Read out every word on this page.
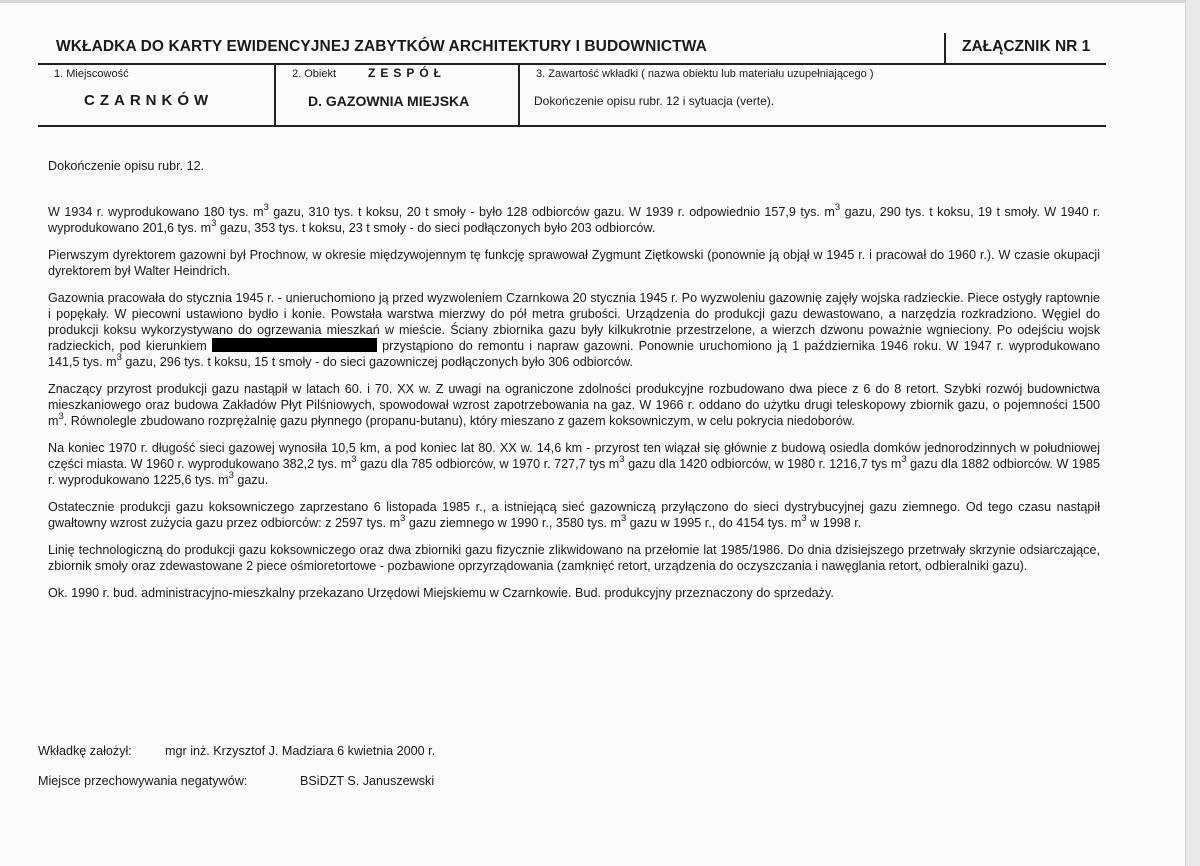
WKŁADKA DO KARTY EWIDENCYJNEJ ZABYTKÓW ARCHITEKTURY I BUDOWNICTWA	ZAŁĄCZNIK NR 1
1. Miejscowość
CZARNKÓW
2. Obiekt	ZESPÓŁ
D. GAZOWNIA MIEJSKA
3. Zawartość wkładki ( nazwa obiektu lub materiału uzupełniającego )
Dokończenie opisu rubr. 12 i sytuacja (verte).

Dokończenie opisu rubr. 12.

W 1934 r. wyprodukowano 180 tys. $m^3$ gazu, 310 tys. t koksu, 20 t smoły - było 128 odbiorców gazu. W 1939 r. odpowiednio 157,9 tys. $m^3$ gazu, 290 tys. t koksu, 19 t smoły. W 1940 r. wyprodukowano 201,6 tys. $m^3$ gazu, 353 tys. t koksu, 23 t smoły - do sieci podłączonych było 203 odbiorców.

Pierwszym dyrektorem gazowni był Prochnow, w okresie międzywojennym tę funkcję sprawował Zygmunt Ziętkowski (ponownie ją objął w 1945 r. i pracował do 1960 r.). W czasie okupacji dyrektorem był Walter Heindrich.

Gazownia pracowała do stycznia 1945 r. - unieruchomiono ją przed wyzwoleniem Czarnkowa 20 stycznia 1945 r. Po wyzwoleniu gazownię zajęły wojska radzieckie. Piece ostygły raptownie i popękały. W piecowni ustawiono bydło i konie. Powstała warstwa mierzwy do pół metra grubości. Urządzenia do produkcji gazu dewastowano, a narzędzia rozkradziono. Węgiel do produkcji koksu wykorzystywano do ogrzewania mieszkań w mieście. Ściany zbiornika gazu były kilkukrotnie przestrzelone, a wierzch dzwonu poważnie wgnieciony. Po odejściu wojsk radzieckich, pod kierunkiem	przystąpiono do remontu i napraw gazowni. Ponownie uruchomiono ją 1 października 1946 roku. W 1947 r. wyprodukowano 141,5 tys. $m^3$ gazu, 296 tys. t koksu, 15 t smoły - do sieci gazowniczej podłączonych było 306 odbiorców.

Znaczący przyrost produkcji gazu nastąpił w latach 60. i 70. XX w. Z uwagi na ograniczone zdolności produkcyjne rozbudowano dwa piece z 6 do 8 retort. Szybki rozwój budownictwa mieszkaniowego oraz budowa Zakładów Płyt Pilśniowych, spowodował wzrost zapotrzebowania na gaz. W 1966 r. oddano do użytku drugi teleskopowy zbiornik gazu, o pojemności 1500 $m^3$. Równolegle zbudowano rozprężalnię gazu płynnego (propanu-butanu), który mieszano z gazem koksowniczym, w celu pokrycia niedoborów.

Na koniec 1970 r. długość sieci gazowej wynosiła 10,5 km, a pod koniec lat 80. XX w. 14,6 km - przyrost ten wiązał się głównie z budową osiedla domków jednorodzinnych w południowej części miasta. W 1960 r. wyprodukowano 382,2 tys. $m^3$ gazu dla 785 odbiorców, w 1970 r. 727,7 tys $m^3$ gazu dla 1420 odbiorców, w 1980 r. 1216,7 tys $m^3$ gazu dla 1882 odbiorców. W 1985 r. wyprodukowano 1225,6 tys. $m^3$ gazu.

Ostatecznie produkcji gazu koksowniczego zaprzestano 6 listopada 1985 r., a istniejącą sieć gazowniczą przyłączono do sieci dystrybucyjnej gazu ziemnego. Od tego czasu nastąpił gwałtowny wzrost zużycia gazu przez odbiorców: z 2597 tys. $m^3$ gazu ziemnego w 1990 r., 3580 tys. $m^3$ gazu w 1995 r., do 4154 tys. $m^3$ w 1998 r.

Linię technologiczną do produkcji gazu koksowniczego oraz dwa zbiorniki gazu fizycznie zlikwidowano na przełomie lat 1985/1986. Do dnia dzisiejszego przetrwały skrzynie odsiarczające, zbiornik smoły oraz zdewastowane 2 piece ośmioretortowe - pozbawione oprzyrządowania (zamknięć retort, urządzenia do oczyszczania i nawęglania retort, odbieralniki gazu).

Ok. 1990 r. bud. administracyjno-mieszkalny przekazano Urzędowi Miejskiemu w Czarnkowie. Bud. produkcyjny przeznaczony do sprzedaży.

Wkładkę założył:	mgr inż. Krzysztof J. Madziara 6 kwietnia 2000 r.
Miejsce przechowywania negatywów:	BSiDZT S. Januszewski
